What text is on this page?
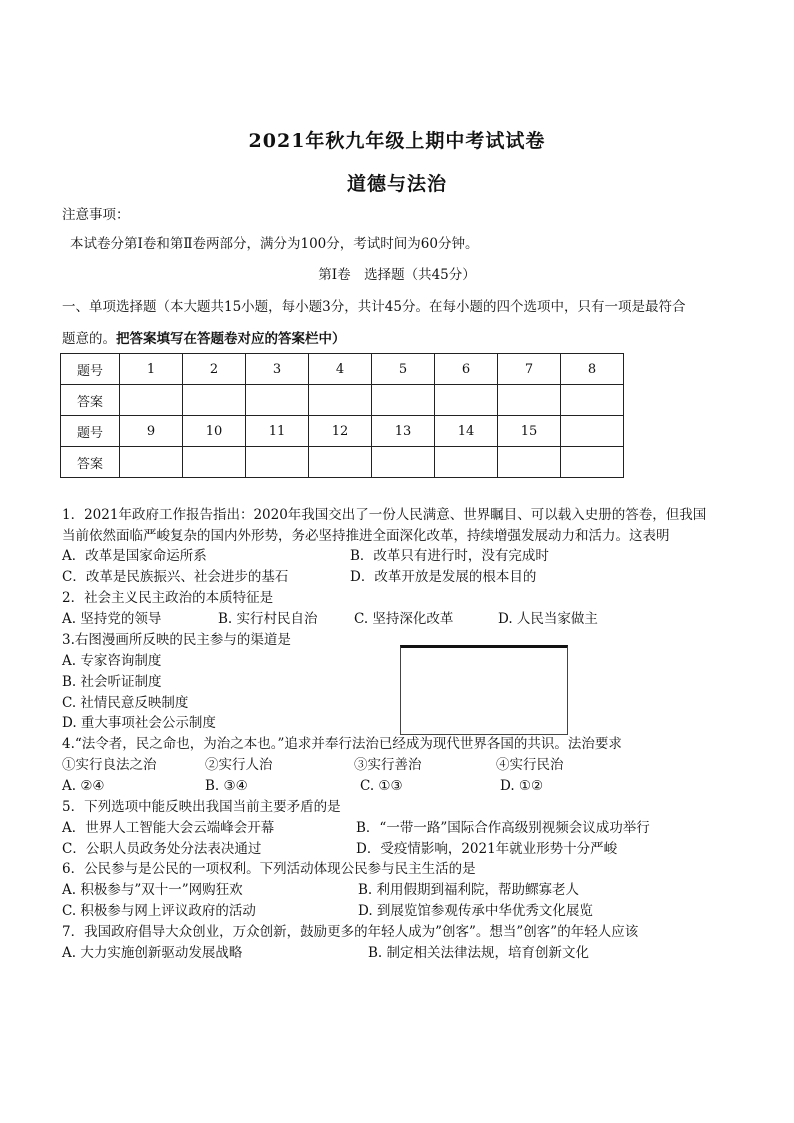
2021年秋九年级上期中考试试卷
道德与法治
注意事项：
本试卷分第Ⅰ卷和第Ⅱ卷两部分，满分为100分，考试时间为60分钟。
第Ⅰ卷　选择题（共45分）
一、单项选择题（本大题共15小题，每小题3分，共计45分。在每小题的四个选项中，只有一项是最符合
题意的。把答案填写在答题卷对应的答案栏中）
题号	1	2	3	4	5	6	7	8
答案								
题号	9	10	11	12	13	14	15	
答案								
1．2021年政府工作报告指出：2020年我国交出了一份人民满意、世界瞩目、可以载入史册的答卷，但我国
当前依然面临严峻复杂的国内外形势，务必坚持推进全面深化改革，持续增强发展动力和活力。这表明
A．改革是国家命运所系	B．改革只有进行时，没有完成时
C．改革是民族振兴、社会进步的基石	D．改革开放是发展的根本目的
2．社会主义民主政治的本质特征是
A. 坚持党的领导	B. 实行村民自治	C. 坚持深化改革	D. 人民当家做主
3.右图漫画所反映的民主参与的渠道是
A. 专家咨询制度
B. 社会听证制度
C. 社情民意反映制度
D. 重大事项社会公示制度
4.“法令者，民之命也，为治之本也。”追求并奉行法治已经成为现代世界各国的共识。法治要求
①实行良法之治	②实行人治	③实行善治	④实行民治
A. ②④	B. ③④	C. ①③	D. ①②
5．下列选项中能反映出我国当前主要矛盾的是
A．世界人工智能大会云端峰会开幕	B．“一带一路”国际合作高级别视频会议成功举行
C．公职人员政务处分法表决通过	D．受疫情影响，2021年就业形势十分严峻
6．公民参与是公民的一项权利。下列活动体现公民参与民主生活的是
A. 积极参与”双十一”网购狂欢	B. 利用假期到福利院，帮助鳏寡老人
C. 积极参与网上评议政府的活动	D. 到展览馆参观传承中华优秀文化展览
7．我国政府倡导大众创业，万众创新，鼓励更多的年轻人成为”创客”。想当”创客”的年轻人应该
A. 大力实施创新驱动发展战略	B. 制定相关法律法规，培育创新文化
